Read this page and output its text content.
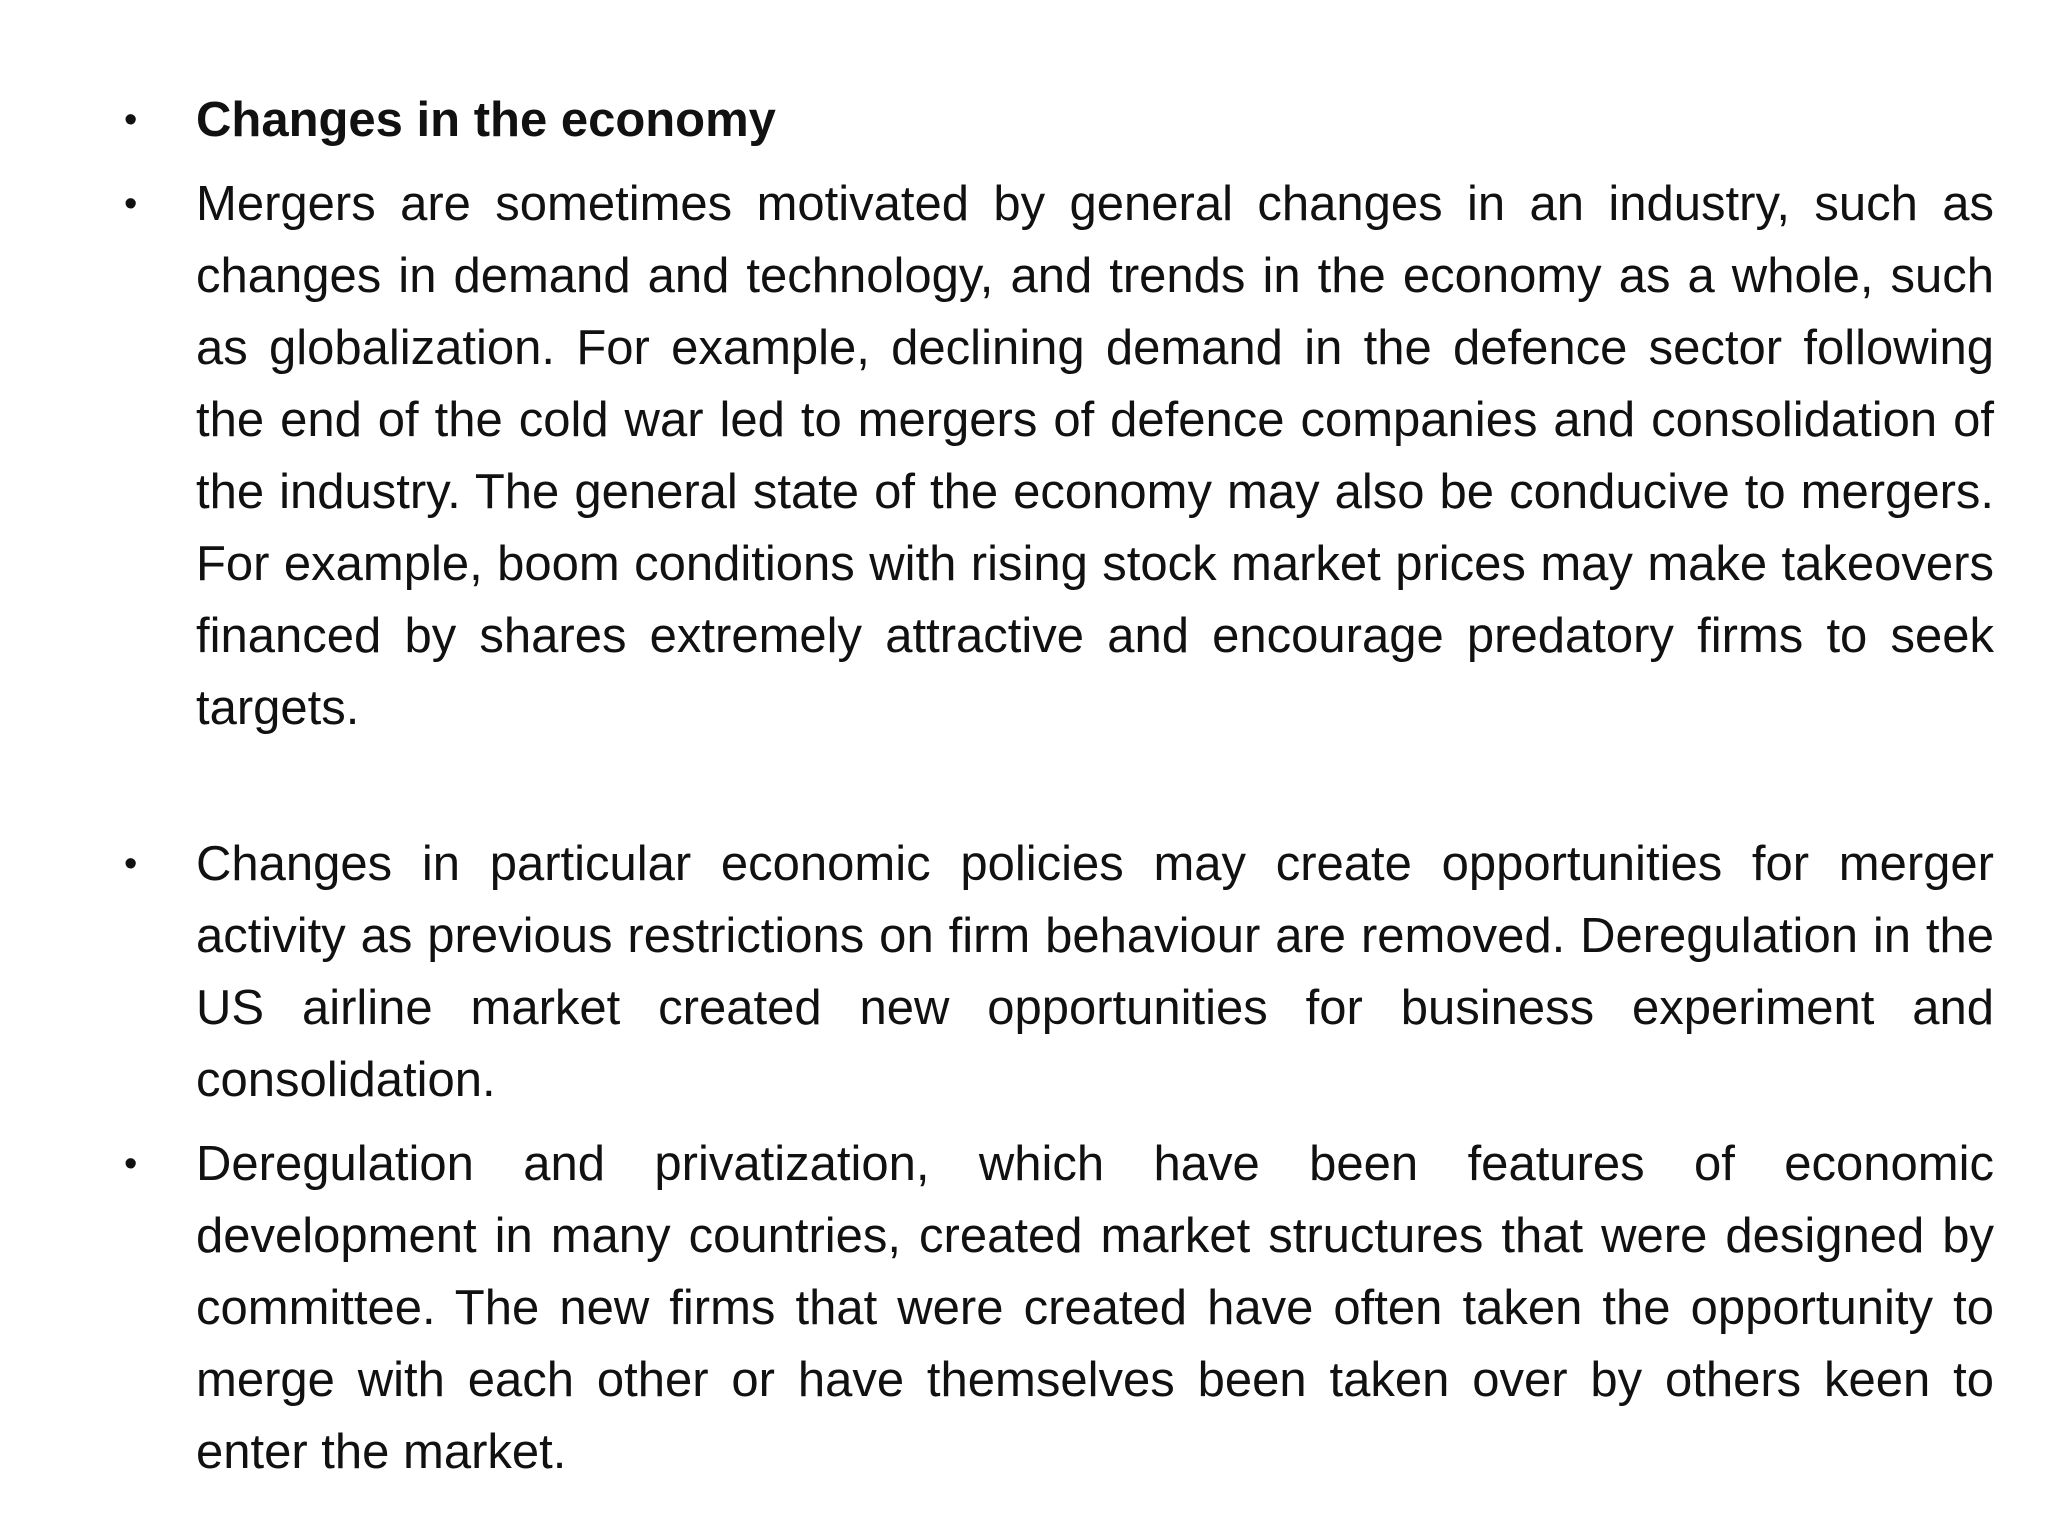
•	Changes in the economy

•	Mergers are sometimes motivated by general changes in an industry, such as changes in demand and technology, and trends in the economy as a whole, such as globalization. For example, declining demand in the defence sector following the end of the cold war led to mergers of defence companies and consolidation of the industry. The general state of the economy may also be conducive to mergers. For example, boom conditions with rising stock market prices may make takeovers financed by shares extremely attractive and encourage predatory firms to seek targets.

•	Changes in particular economic policies may create opportunities for merger activity as previous restrictions on firm behaviour are removed. Deregulation in the US airline market created new opportunities for business experiment and consolidation.

•	Deregulation and privatization, which have been features of economic development in many countries, created market structures that were designed by committee. The new firms that were created have often taken the opportunity to merge with each other or have themselves been taken over by others keen to enter the market.
